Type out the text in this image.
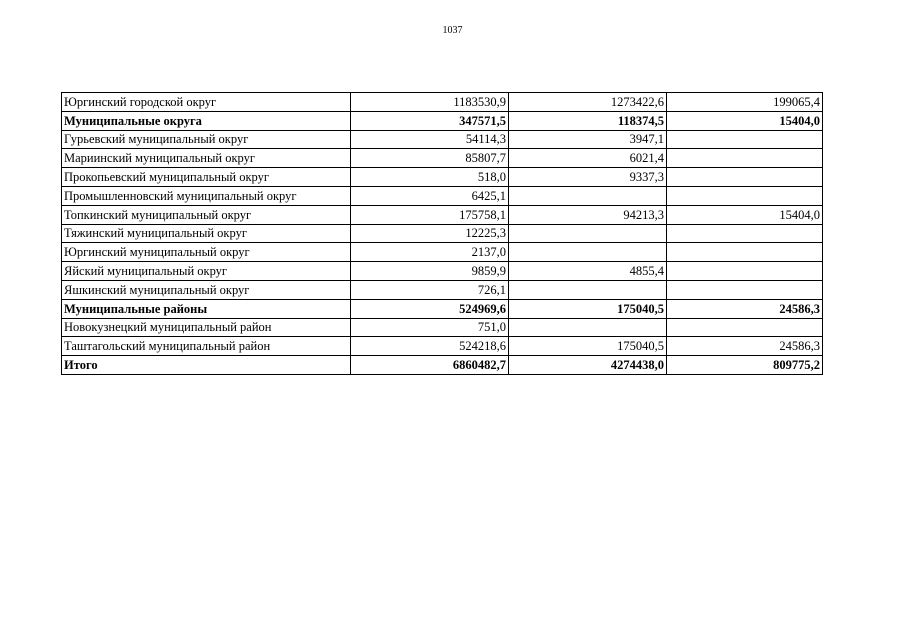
1037
Юргинский городской округ	1183530,9	1273422,6	199065,4
Муниципальные округа	347571,5	118374,5	15404,0
Гурьевский муниципальный округ	54114,3	3947,1	
Мариинский муниципальный округ	85807,7	6021,4	
Прокопьевский муниципальный округ	518,0	9337,3	
Промышленновский муниципальный округ	6425,1		
Топкинский муниципальный округ	175758,1	94213,3	15404,0
Тяжинский муниципальный округ	12225,3		
Юргинский муниципальный округ	2137,0		
Яйский муниципальный округ	9859,9	4855,4	
Яшкинский муниципальный округ	726,1		
Муниципальные районы	524969,6	175040,5	24586,3
Новокузнецкий муниципальный район	751,0		
Таштагольский муниципальный район	524218,6	175040,5	24586,3
Итого	6860482,7	4274438,0	809775,2
